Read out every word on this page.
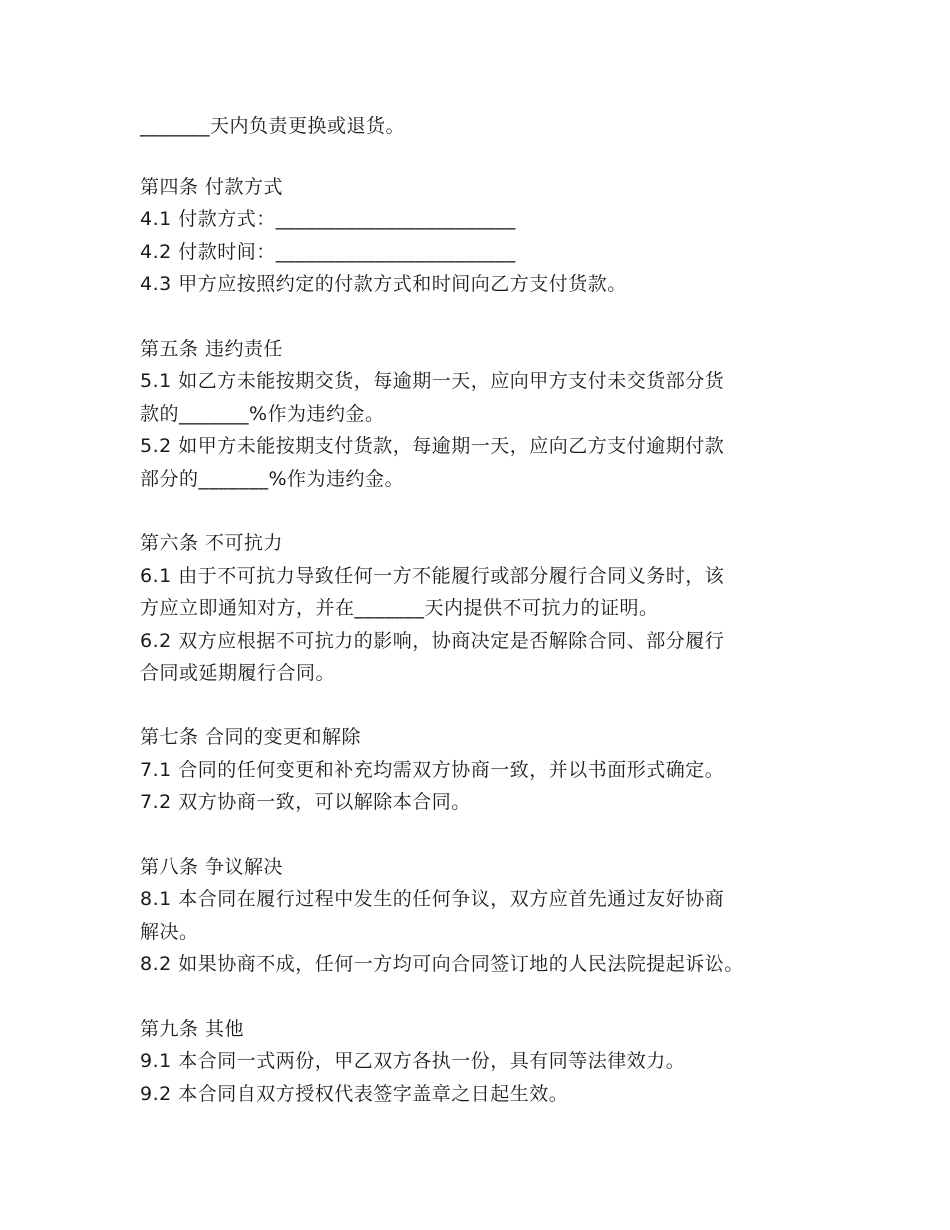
_______天内负责更换或退货。
第四条 付款方式
4.1 付款方式：________________________
4.2 付款时间：________________________
4.3 甲方应按照约定的付款方式和时间向乙方支付货款。
第五条 违约责任
5.1 如乙方未能按期交货，每逾期一天，应向甲方支付未交货部分货
款的_______%作为违约金。
5.2 如甲方未能按期支付货款，每逾期一天，应向乙方支付逾期付款
部分的_______%作为违约金。
第六条 不可抗力
6.1 由于不可抗力导致任何一方不能履行或部分履行合同义务时，该
方应立即通知对方，并在_______天内提供不可抗力的证明。
6.2 双方应根据不可抗力的影响，协商决定是否解除合同、部分履行
合同或延期履行合同。
第七条 合同的变更和解除
7.1 合同的任何变更和补充均需双方协商一致，并以书面形式确定。
7.2 双方协商一致，可以解除本合同。
第八条 争议解决
8.1 本合同在履行过程中发生的任何争议，双方应首先通过友好协商
解决。
8.2 如果协商不成，任何一方均可向合同签订地的人民法院提起诉讼。
第九条 其他
9.1 本合同一式两份，甲乙双方各执一份，具有同等法律效力。
9.2 本合同自双方授权代表签字盖章之日起生效。
